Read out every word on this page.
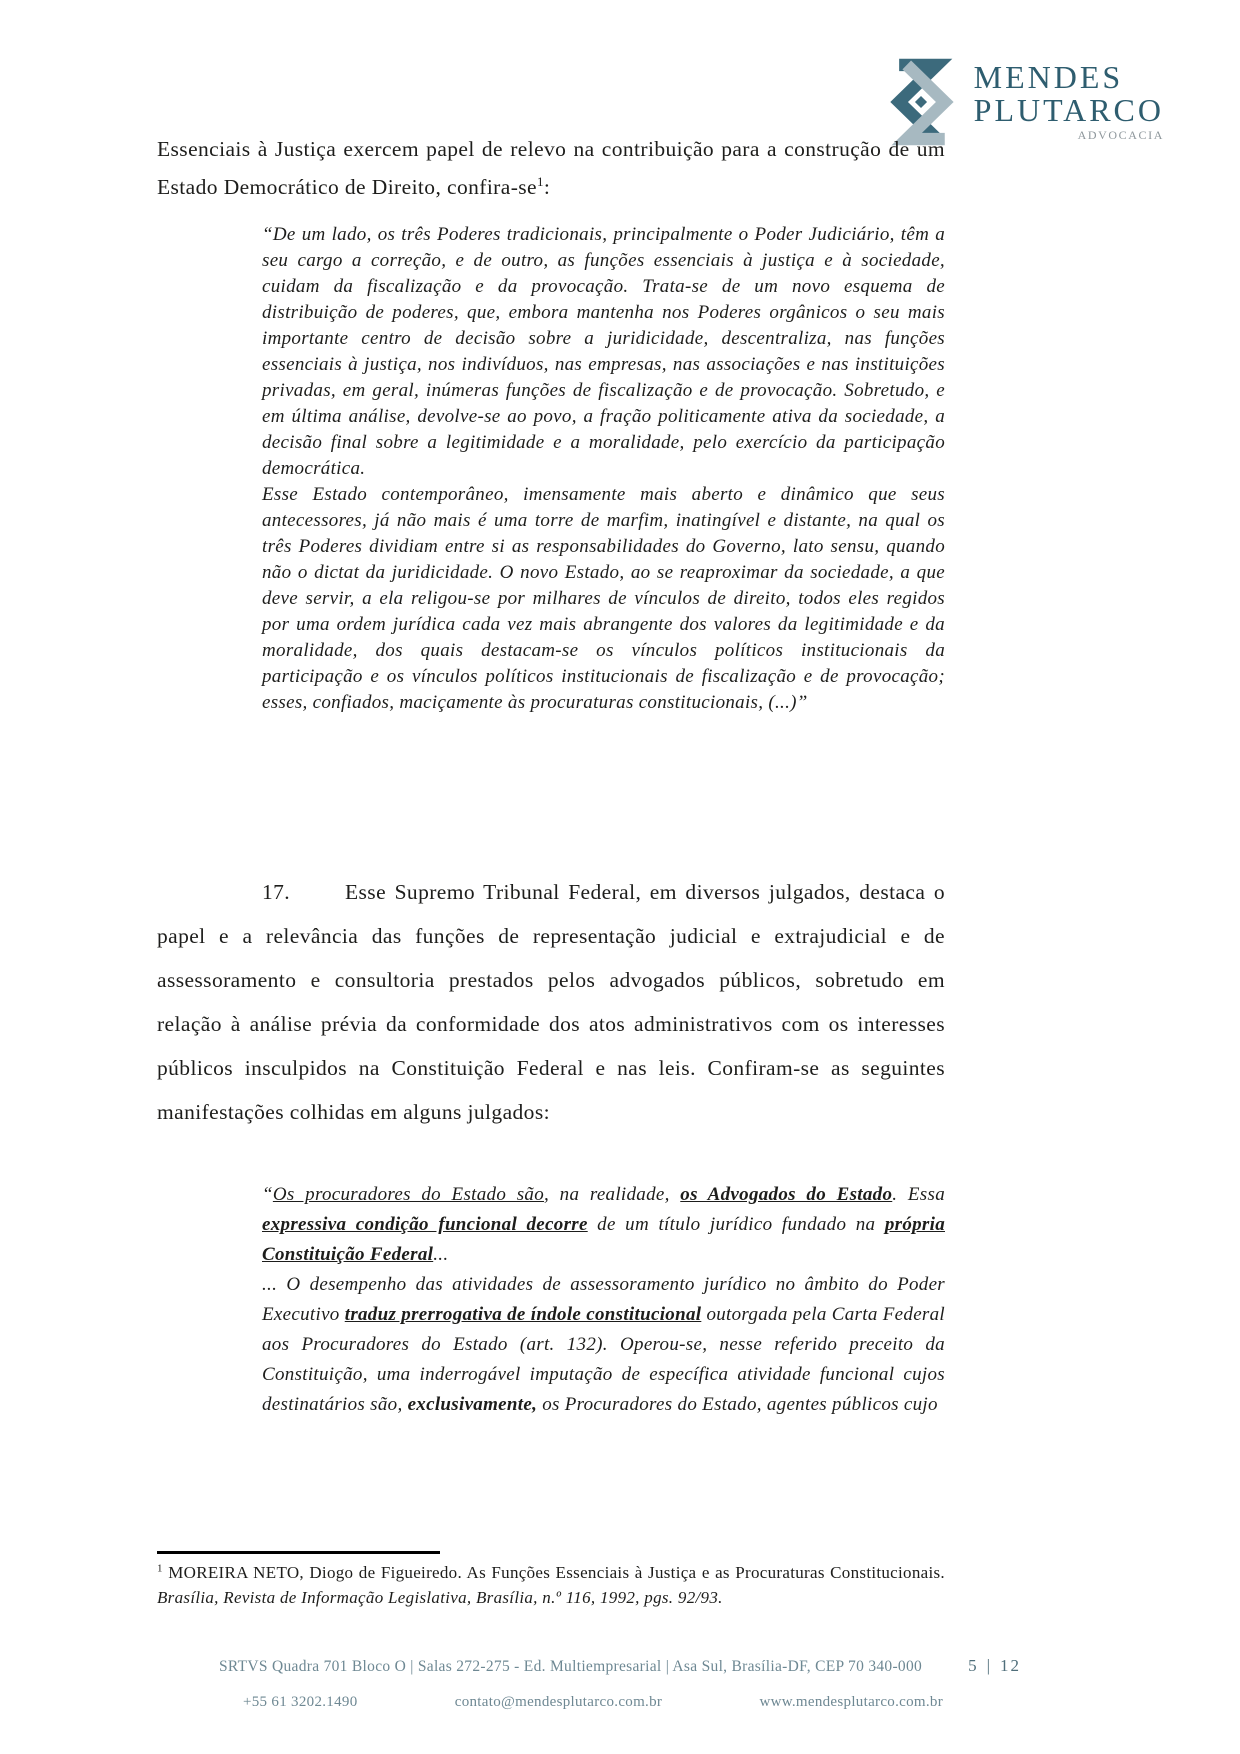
MENDES
PLUTARCO
ADVOCACIA
Essenciais à Justiça exercem papel de relevo na contribuição para a construção de um Estado Democrático de Direito, confira-$se^1$:

“De um lado, os três Poderes tradicionais, principalmente o Poder Judiciário, têm a seu cargo a correção, e de outro, as funções essenciais à justiça e à sociedade, cuidam da fiscalização e da provocação. Trata-se de um novo esquema de distribuição de poderes, que, embora mantenha nos Poderes orgânicos o seu mais importante centro de decisão sobre a juridicidade, descentraliza, nas funções essenciais à justiça, nos indivíduos, nas empresas, nas associações e nas instituições privadas, em geral, inúmeras funções de fiscalização e de provocação. Sobretudo, e em última análise, devolve-se ao povo, a fração politicamente ativa da sociedade, a decisão final sobre a legitimidade e a moralidade, pelo exercício da participação democrática.

Esse Estado contemporâneo, imensamente mais aberto e dinâmico que seus antecessores, já não mais é uma torre de marfim, inatingível e distante, na qual os três Poderes dividiam entre si as responsabilidades do Governo, lato sensu, quando não o dictat da juridicidade. O novo Estado, ao se reaproximar da sociedade, a que deve servir, a ela religou-se por milhares de vínculos de direito, todos eles regidos por uma ordem jurídica cada vez mais abrangente dos valores da legitimidade e da moralidade, dos quais destacam-se os vínculos políticos institucionais da participação e os vínculos políticos institucionais de fiscalização e de provocação; esses, confiados, maciçamente às procuraturas constitucionais, (...)”

17.	Esse Supremo Tribunal Federal, em diversos julgados, destaca o papel e a relevância das funções de representação judicial e extrajudicial e de assessoramento e consultoria prestados pelos advogados públicos, sobretudo em relação à análise prévia da conformidade dos atos administrativos com os interesses públicos insculpidos na Constituição Federal e nas leis. Confiram-se as seguintes manifestações colhidas em alguns julgados:

“Os procuradores do Estado são, na realidade, os Advogados do Estado. Essa expressiva condição funcional decorre de um título jurídico fundado na própria Constituição Federal...

... O desempenho das atividades de assessoramento jurídico no âmbito do Poder Executivo traduz prerrogativa de índole constitucional outorgada pela Carta Federal aos Procuradores do Estado (art. 132). Operou-se, nesse referido preceito da Constituição, uma inderrogável imputação de específica atividade funcional cujos destinatários são, exclusivamente, os Procuradores do Estado, agentes públicos cujo

$^1$ MOREIRA NETO, Diogo de Figueiredo. As Funções Essenciais à Justiça e as Procuraturas Constitucionais. Brasília, Revista de Informação Legislativa, Brasília, n.º 116, 1992, pgs. 92/93.
SRTVS Quadra 701 Bloco O | Salas 272-275 - Ed. Multiempresarial | Asa Sul, Brasília-DF, CEP 70 340-000	5 | 12
+55 61 3202.1490	contato@mendesplutarco.com.br	www.mendesplutarco.com.br
